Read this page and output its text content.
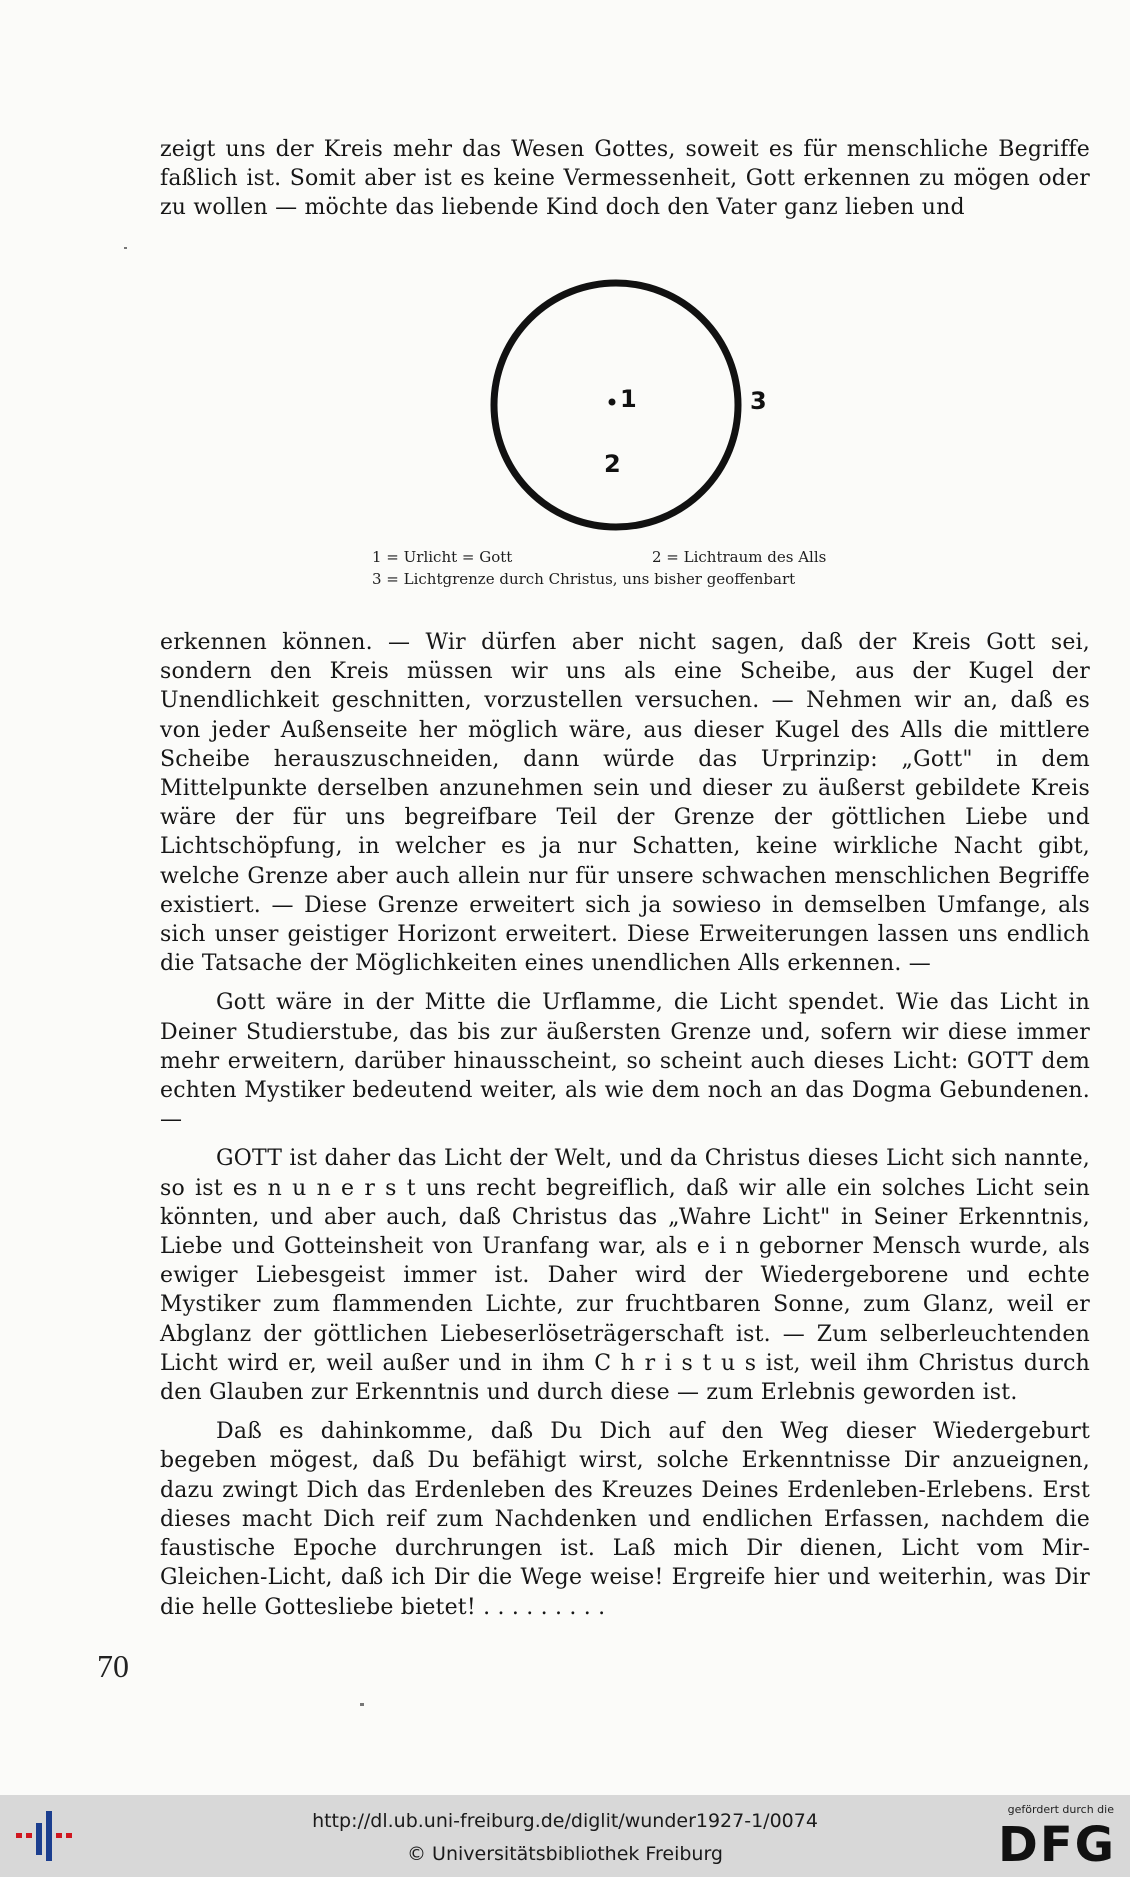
zeigt uns der Kreis mehr das Wesen Gottes, soweit es für menschliche Begriffe faßlich ist. Somit aber ist es keine Vermessenheit, Gott erkennen zu mögen oder zu wollen — möchte das liebende Kind doch den Vater ganz lieben und

1
2
3
1 = Urlicht = Gott	2 = Lichtraum des Alls
3 = Lichtgrenze durch Christus, uns bisher geoffenbart

erkennen können. — Wir dürfen aber nicht sagen, daß der Kreis Gott sei, sondern den Kreis müssen wir uns als eine Scheibe, aus der Kugel der Unendlichkeit geschnitten, vorzustellen versuchen. — Nehmen wir an, daß es von jeder Außenseite her möglich wäre, aus dieser Kugel des Alls die mittlere Scheibe herauszuschneiden, dann würde das Urprinzip: „Gott" in dem Mittelpunkte derselben anzunehmen sein und dieser zu äußerst gebildete Kreis wäre der für uns begreifbare Teil der Grenze der göttlichen Liebe und Lichtschöpfung, in welcher es ja nur Schatten, keine wirkliche Nacht gibt, welche Grenze aber auch allein nur für unsere schwachen menschlichen Begriffe existiert. — Diese Grenze erweitert sich ja sowieso in demselben Umfange, als sich unser geistiger Horizont erweitert. Diese Erweiterungen lassen uns endlich die Tatsache der Möglichkeiten eines unendlichen Alls erkennen. —

Gott wäre in der Mitte die Urflamme, die Licht spendet. Wie das Licht in Deiner Studierstube, das bis zur äußersten Grenze und, sofern wir diese immer mehr erweitern, darüber hinausscheint, so scheint auch dieses Licht: GOTT dem echten Mystiker bedeutend weiter, als wie dem noch an das Dogma Gebundenen. —

GOTT ist daher das Licht der Welt, und da Christus dieses Licht sich nannte, so ist es n u n e r s t uns recht begreiflich, daß wir alle ein solches Licht sein könnten, und aber auch, daß Christus das „Wahre Licht" in Seiner Erkenntnis, Liebe und Gotteinsheit von Uranfang war, als e i n geborner Mensch wurde, als ewiger Liebesgeist immer ist. Daher wird der Wiedergeborene und echte Mystiker zum flammenden Lichte, zur fruchtbaren Sonne, zum Glanz, weil er Abglanz der göttlichen Liebeserlöseträgerschaft ist. — Zum selberleuchtenden Licht wird er, weil außer und in ihm C h r i s t u s ist, weil ihm Christus durch den Glauben zur Erkenntnis und durch diese — zum Erlebnis geworden ist.

Daß es dahinkomme, daß Du Dich auf den Weg dieser Wiedergeburt begeben mögest, daß Du befähigt wirst, solche Erkenntnisse Dir anzueignen, dazu zwingt Dich das Erdenleben des Kreuzes Deines Erdenleben-Erlebens. Erst dieses macht Dich reif zum Nachdenken und endlichen Erfassen, nachdem die faustische Epoche durchrungen ist. Laß mich Dir dienen, Licht vom Mir-Gleichen-Licht, daß ich Dir die Wege weise! Ergreife hier und weiterhin, was Dir die helle Gottesliebe bietet! . . . . . . . . .

70
http://dl.ub.uni-freiburg.de/diglit/wunder1927-1/0074
© Universitätsbibliothek Freiburg
gefördert durch die
DFG
